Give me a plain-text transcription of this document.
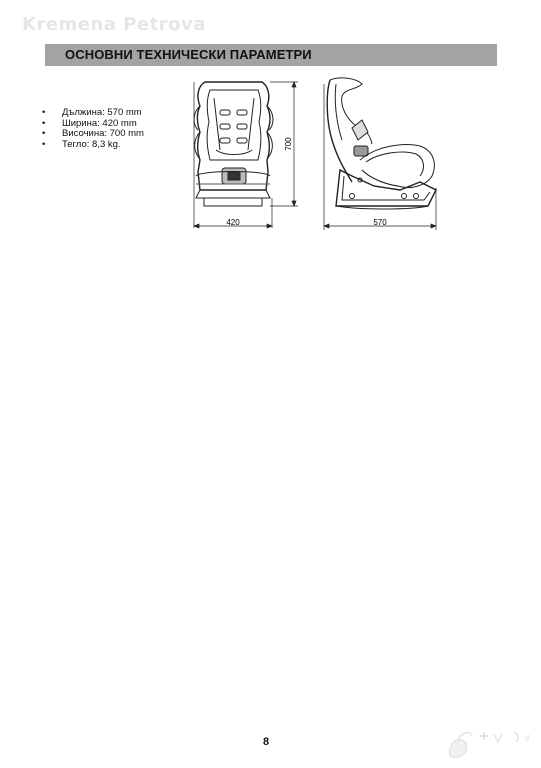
Kremena Petrova
ОСНОВНИ ТЕХНИЧЕСКИ ПАРАМЕТРИ
• Дължина: 570 mm
• Ширина: 420 mm
• Височина: 700 mm
• Тегло: 8,3 kg.
420
700
570
8
